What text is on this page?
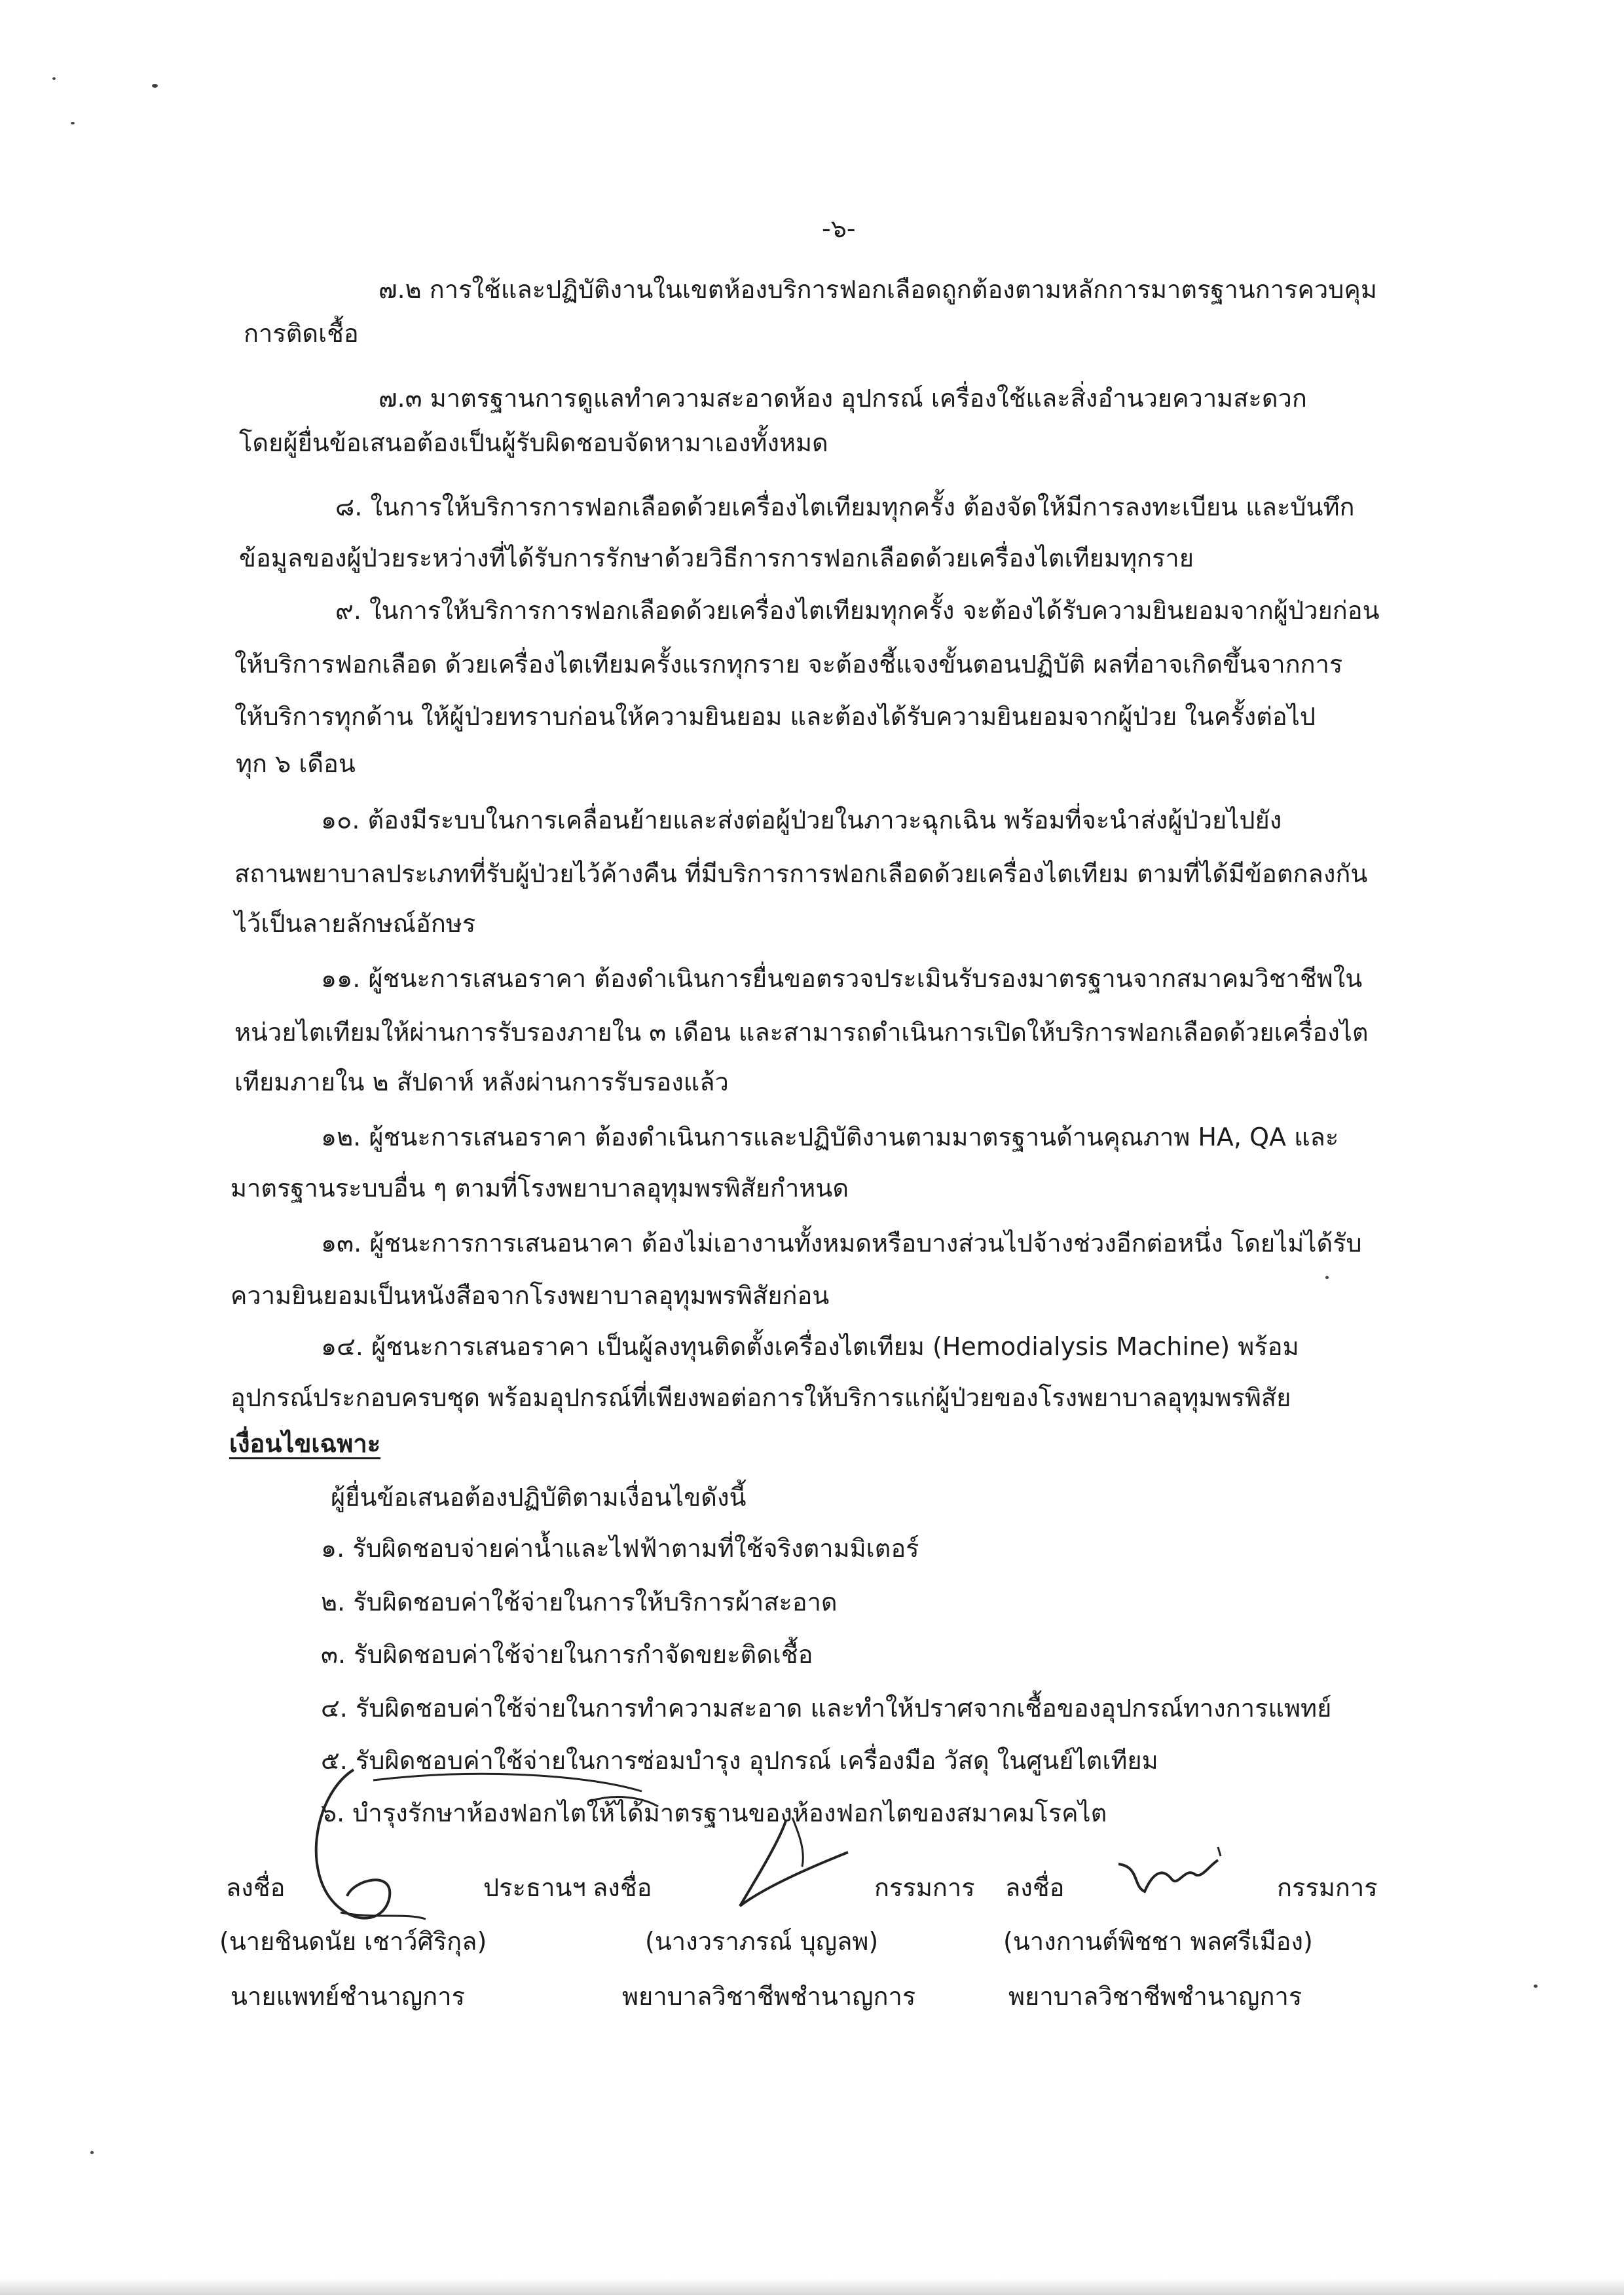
-๖-
๗.๒ การใช้และปฏิบัติงานในเขตห้องบริการฟอกเลือดถูกต้องตามหลักการมาตรฐานการควบคุม
การติดเชื้อ
๗.๓ มาตรฐานการดูแลทำความสะอาดห้อง อุปกรณ์ เครื่องใช้และสิ่งอำนวยความสะดวก
โดยผู้ยื่นข้อเสนอต้องเป็นผู้รับผิดชอบจัดหามาเองทั้งหมด
๘. ในการให้บริการการฟอกเลือดด้วยเครื่องไตเทียมทุกครั้ง ต้องจัดให้มีการลงทะเบียน และบันทึก
ข้อมูลของผู้ป่วยระหว่างที่ได้รับการรักษาด้วยวิธีการการฟอกเลือดด้วยเครื่องไตเทียมทุกราย
๙. ในการให้บริการการฟอกเลือดด้วยเครื่องไตเทียมทุกครั้ง จะต้องได้รับความยินยอมจากผู้ป่วยก่อน
ให้บริการฟอกเลือด ด้วยเครื่องไตเทียมครั้งแรกทุกราย จะต้องชี้แจงขั้นตอนปฏิบัติ ผลที่อาจเกิดขึ้นจากการ
ให้บริการทุกด้าน ให้ผู้ป่วยทราบก่อนให้ความยินยอม และต้องได้รับความยินยอมจากผู้ป่วย ในครั้งต่อไป
ทุก ๖ เดือน
๑๐. ต้องมีระบบในการเคลื่อนย้ายและส่งต่อผู้ป่วยในภาวะฉุกเฉิน พร้อมที่จะนำส่งผู้ป่วยไปยัง
สถานพยาบาลประเภทที่รับผู้ป่วยไว้ค้างคืน ที่มีบริการการฟอกเลือดด้วยเครื่องไตเทียม ตามที่ได้มีข้อตกลงกัน
ไว้เป็นลายลักษณ์อักษร
๑๑. ผู้ชนะการเสนอราคา ต้องดำเนินการยื่นขอตรวจประเมินรับรองมาตรฐานจากสมาคมวิชาชีพใน
หน่วยไตเทียมให้ผ่านการรับรองภายใน ๓ เดือน และสามารถดำเนินการเปิดให้บริการฟอกเลือดด้วยเครื่องไต
เทียมภายใน ๒ สัปดาห์ หลังผ่านการรับรองแล้ว
๑๒. ผู้ชนะการเสนอราคา ต้องดำเนินการและปฏิบัติงานตามมาตรฐานด้านคุณภาพ HA, QA และ
มาตรฐานระบบอื่น ๆ ตามที่โรงพยาบาลอุทุมพรพิสัยกำหนด
๑๓. ผู้ชนะการการเสนอนาคา ต้องไม่เอางานทั้งหมดหรือบางส่วนไปจ้างช่วงอีกต่อหนึ่ง โดยไม่ได้รับ
ความยินยอมเป็นหนังสือจากโรงพยาบาลอุทุมพรพิสัยก่อน
๑๔. ผู้ชนะการเสนอราคา เป็นผู้ลงทุนติดตั้งเครื่องไตเทียม (Hemodialysis Machine) พร้อม
อุปกรณ์ประกอบครบชุด พร้อมอุปกรณ์ที่เพียงพอต่อการให้บริการแก่ผู้ป่วยของโรงพยาบาลอุทุมพรพิสัย
เงื่อนไขเฉพาะ
ผู้ยื่นข้อเสนอต้องปฏิบัติตามเงื่อนไขดังนี้
๑. รับผิดชอบจ่ายค่าน้ำและไฟฟ้าตามที่ใช้จริงตามมิเตอร์
๒. รับผิดชอบค่าใช้จ่ายในการให้บริการผ้าสะอาด
๓. รับผิดชอบค่าใช้จ่ายในการกำจัดขยะติดเชื้อ
๔. รับผิดชอบค่าใช้จ่ายในการทำความสะอาด และทำให้ปราศจากเชื้อของอุปกรณ์ทางการแพทย์
๕. รับผิดชอบค่าใช้จ่ายในการซ่อมบำรุง อุปกรณ์ เครื่องมือ วัสดุ ในศูนย์ไตเทียม
๖. บำรุงรักษาห้องฟอกไตให้ได้มาตรฐานของห้องฟอกไตของสมาคมโรคไต
ลงชื่อ	ประธานฯ ลงชื่อ	กรรมการ ลงชื่อ	กรรมการ
(นายชินดนัย เชาว์ศิริกุล)	(นางวราภรณ์ บุญลพ)	(นางกานต์พิชชา พลศรีเมือง)
นายแพทย์ชำนาญการ	พยาบาลวิชาชีพชำนาญการ	พยาบาลวิชาชีพชำนาญการ
